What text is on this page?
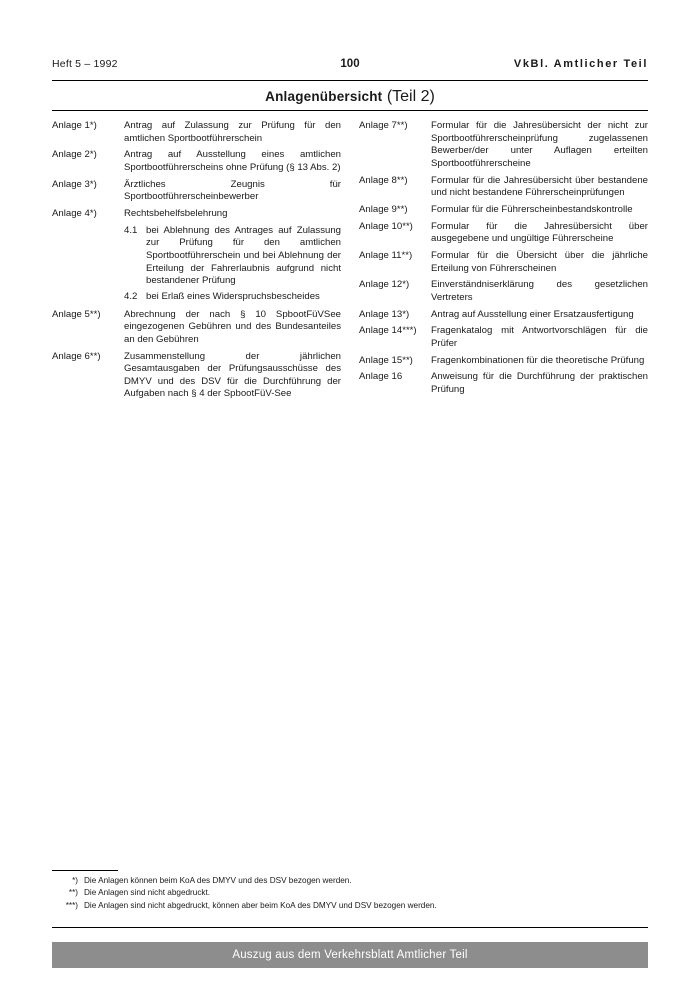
Heft 5 – 1992	100	VkBl. Amtlicher Teil
Anlagenübersicht (Teil 2)
Anlage 1*)	Antrag auf Zulassung zur Prüfung für den amtlichen Sportbootführerschein
Anlage 2*)	Antrag auf Ausstellung eines amtlichen Sportbootführerscheins ohne Prüfung (§ 13 Abs. 2)
Anlage 3*)	Ärztliches Zeugnis für Sportbootführerscheinbewerber
Anlage 4*)	Rechtsbehelfsbelehrung
4.1 bei Ablehnung des Antrages auf Zulassung zur Prüfung für den amtlichen Sportbootführerschein und bei Ablehnung der Erteilung der Fahrerlaubnis aufgrund nicht bestandener Prüfung
4.2 bei Erlaß eines Widerspruchsbescheides
Anlage 5**)	Abrechnung der nach § 10 SpbootFüVSee eingezogenen Gebühren und des Bundesanteiles an den Gebühren
Anlage 6**)	Zusammenstellung der jährlichen Gesamtausgaben der Prüfungsausschüsse des DMYV und des DSV für die Durchführung der Aufgaben nach § 4 der SpbootFüV-See
Anlage 7**)	Formular für die Jahresübersicht der nicht zur Sportbootführerscheinprüfung zugelassenen Bewerber/der unter Auflagen erteilten Sportbootführerscheine
Anlage 8**)	Formular für die Jahresübersicht über bestandene und nicht bestandene Führerscheinprüfungen
Anlage 9**)	Formular für die Führerscheinbestandskontrolle
Anlage 10**)	Formular für die Jahresübersicht über ausgegebene und ungültige Führerscheine
Anlage 11**)	Formular für die Übersicht über die jährliche Erteilung von Führerscheinen
Anlage 12*)	Einverständniserklärung des gesetzlichen Vertreters
Anlage 13*)	Antrag auf Ausstellung einer Ersatzausfertigung
Anlage 14***)	Fragenkatalog mit Antwortvorschlägen für die Prüfer
Anlage 15**)	Fragenkombinationen für die theoretische Prüfung
Anlage 16	Anweisung für die Durchführung der praktischen Prüfung
*) Die Anlagen können beim KoA des DMYV und des DSV bezogen werden.
**) Die Anlagen sind nicht abgedruckt.
***) Die Anlagen sind nicht abgedruckt, können aber beim KoA des DMYV und DSV bezogen werden.
Auszug aus dem Verkehrsblatt Amtlicher Teil
